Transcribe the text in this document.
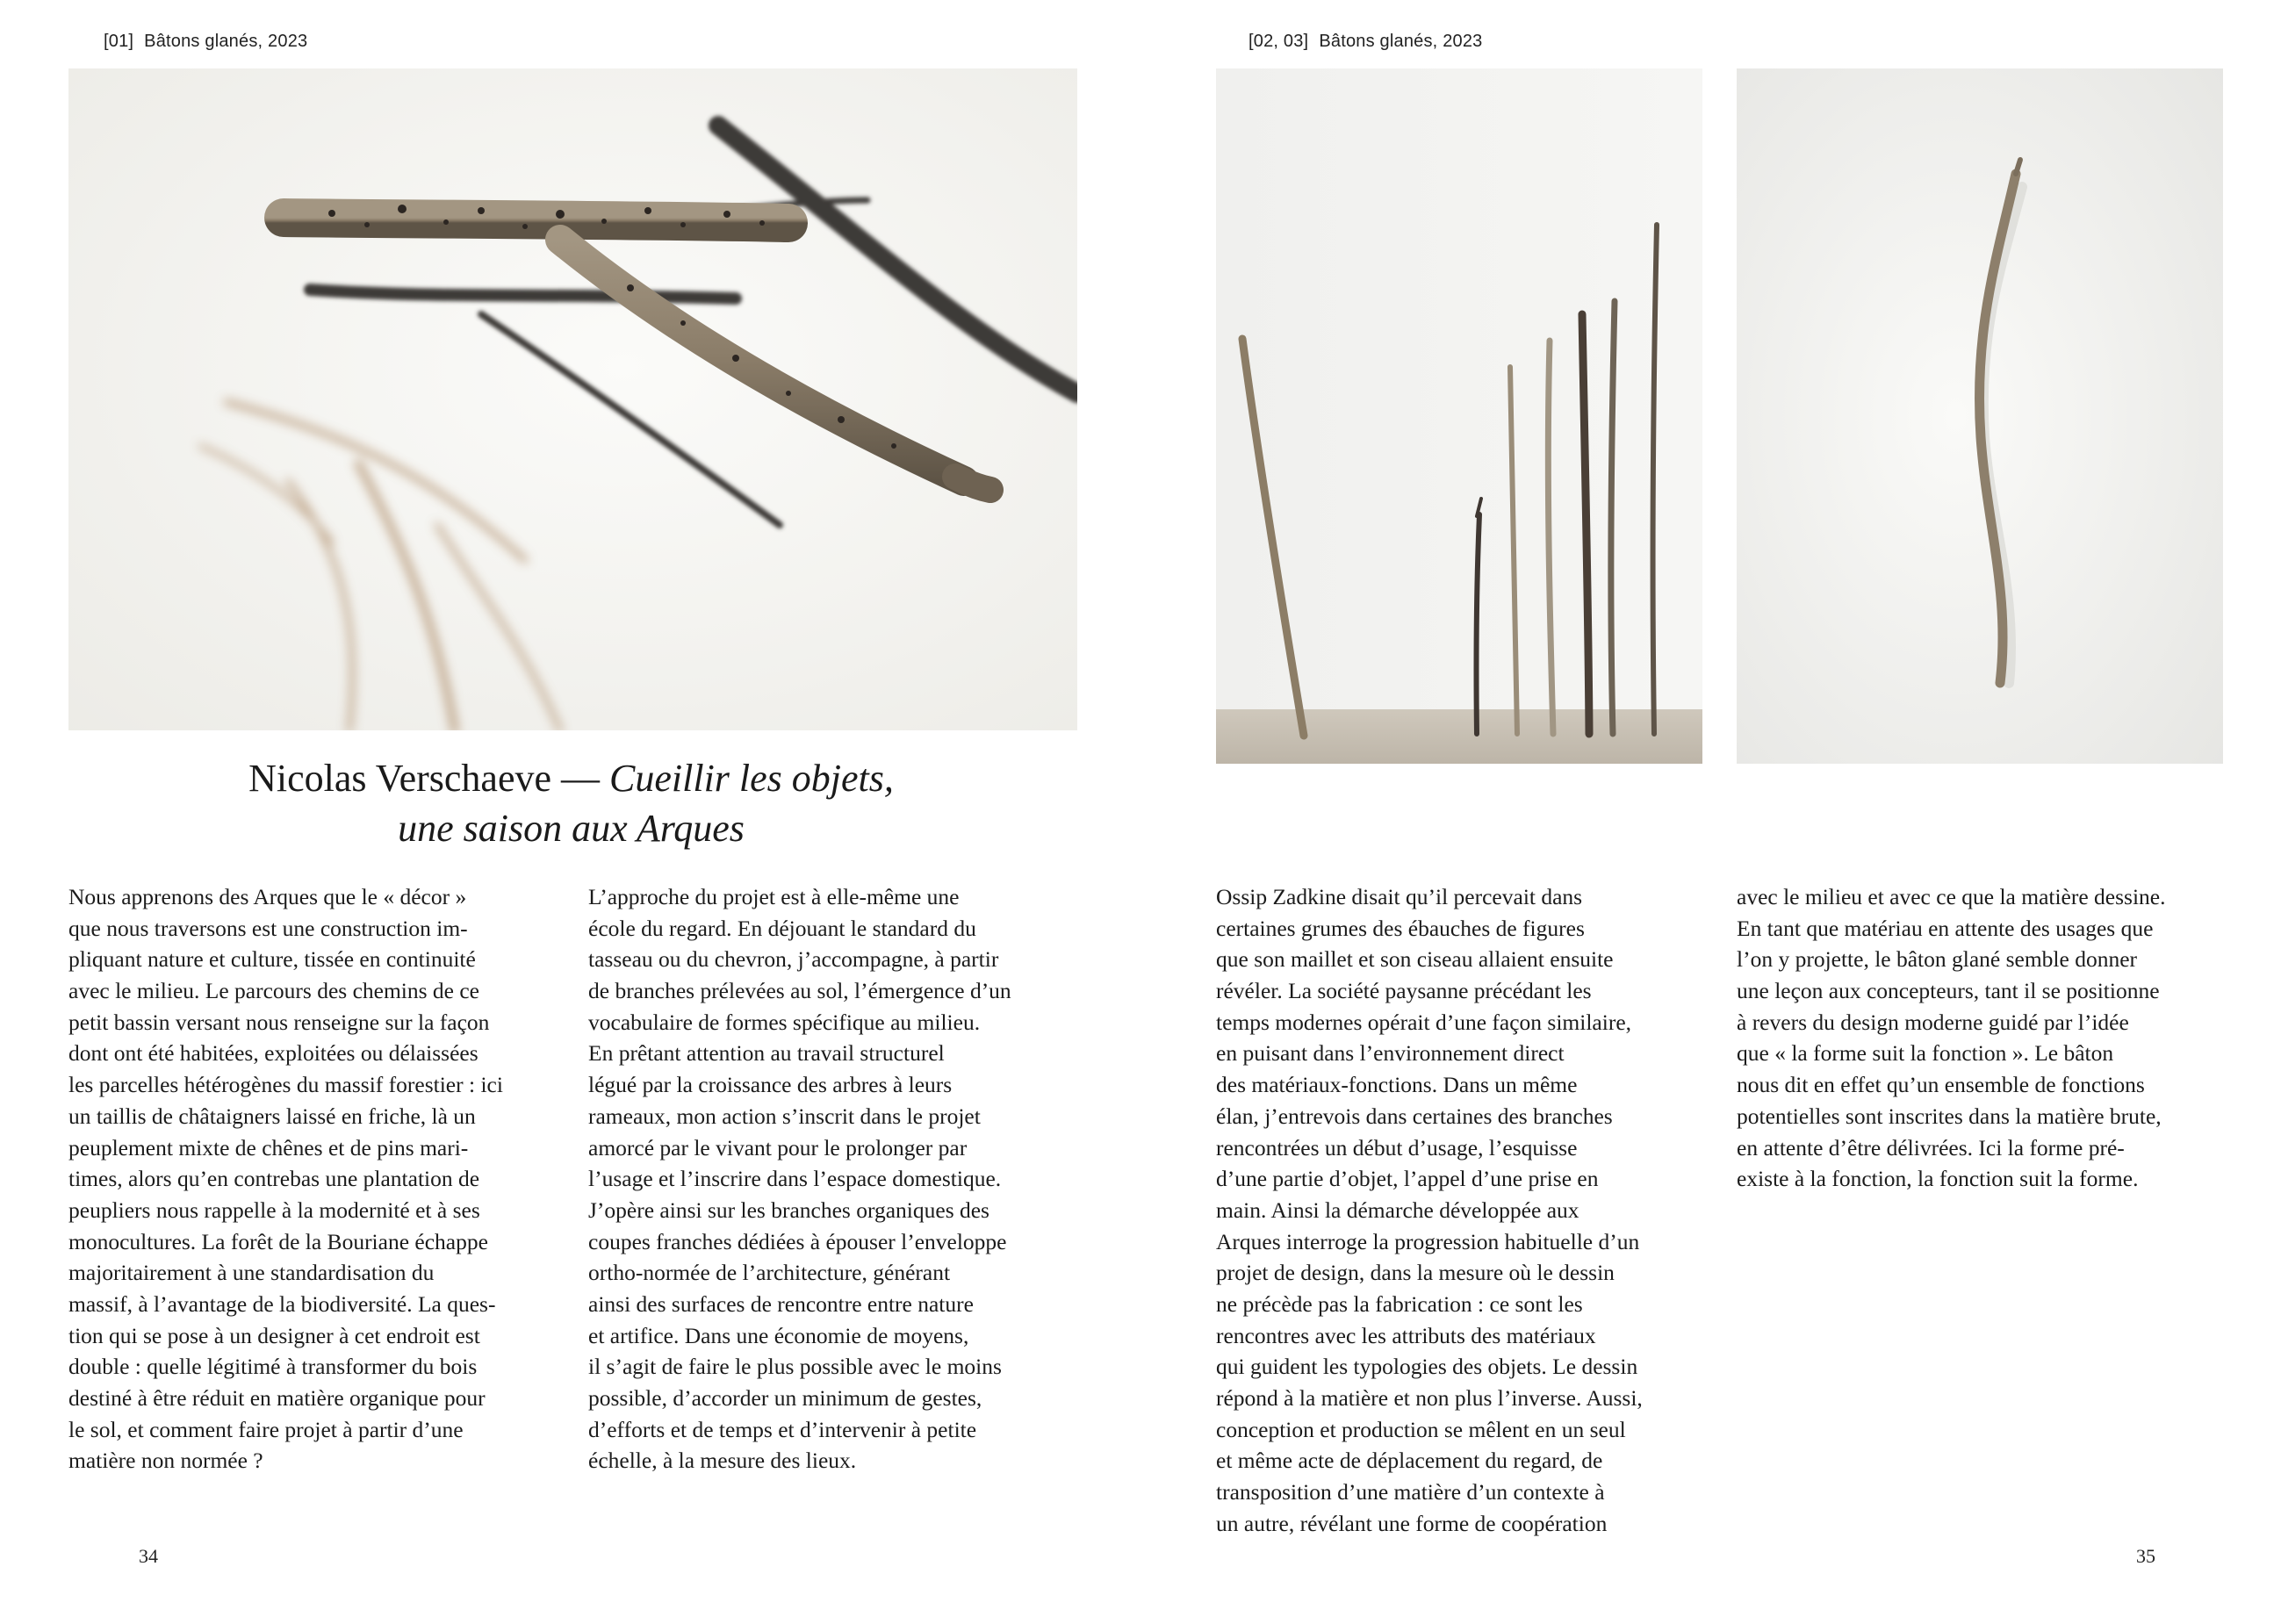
[01] Bâtons glanés, 2023
Nicolas Verschaeve — Cueillir les objets,
une saison aux Arques
Nous apprenons des Arques que le « décor »
que nous traversons est une construction im-
pliquant nature et culture, tissée en continuité
avec le milieu. Le parcours des chemins de ce
petit bassin versant nous renseigne sur la façon
dont ont été habitées, exploitées ou délaissées
les parcelles hétérogènes du massif forestier : ici
un taillis de châtaigners laissé en friche, là un
peuplement mixte de chênes et de pins mari-
times, alors qu’en contrebas une plantation de
peupliers nous rappelle à la modernité et à ses
monocultures. La forêt de la Bouriane échappe
majoritairement à une standardisation du
massif, à l’avantage de la biodiversité. La ques-
tion qui se pose à un designer à cet endroit est
double : quelle légitimé à transformer du bois
destiné à être réduit en matière organique pour
le sol, et comment faire projet à partir d’une
matière non normée ?
L’approche du projet est à elle-même une
école du regard. En déjouant le standard du
tasseau ou du chevron, j’accompagne, à partir
de branches prélevées au sol, l’émergence d’un
vocabulaire de formes spécifique au milieu.
En prêtant attention au travail structurel
légué par la croissance des arbres à leurs
rameaux, mon action s’inscrit dans le projet
amorcé par le vivant pour le prolonger par
l’usage et l’inscrire dans l’espace domestique.
J’opère ainsi sur les branches organiques des
coupes franches dédiées à épouser l’enveloppe
ortho-normée de l’architecture, générant
ainsi des surfaces de rencontre entre nature
et artifice. Dans une économie de moyens,
il s’agit de faire le plus possible avec le moins
possible, d’accorder un minimum de gestes,
d’efforts et de temps et d’intervenir à petite
échelle, à la mesure des lieux.
34
[02, 03] Bâtons glanés, 2023
Ossip Zadkine disait qu’il percevait dans
certaines grumes des ébauches de figures
que son maillet et son ciseau allaient ensuite
révéler. La société paysanne précédant les
temps modernes opérait d’une façon similaire,
en puisant dans l’environnement direct
des matériaux-fonctions. Dans un même
élan, j’entrevois dans certaines des branches
rencontrées un début d’usage, l’esquisse
d’une partie d’objet, l’appel d’une prise en
main. Ainsi la démarche développée aux
Arques interroge la progression habituelle d’un
projet de design, dans la mesure où le dessin
ne précède pas la fabrication : ce sont les
rencontres avec les attributs des matériaux
qui guident les typologies des objets. Le dessin
répond à la matière et non plus l’inverse. Aussi,
conception et production se mêlent en un seul
et même acte de déplacement du regard, de
transposition d’une matière d’un contexte à
un autre, révélant une forme de coopération
avec le milieu et avec ce que la matière dessine.
En tant que matériau en attente des usages que
l’on y projette, le bâton glané semble donner
une leçon aux concepteurs, tant il se positionne
à revers du design moderne guidé par l’idée
que « la forme suit la fonction ». Le bâton
nous dit en effet qu’un ensemble de fonctions
potentielles sont inscrites dans la matière brute,
en attente d’être délivrées. Ici la forme pré-
existe à la fonction, la fonction suit la forme.
35
